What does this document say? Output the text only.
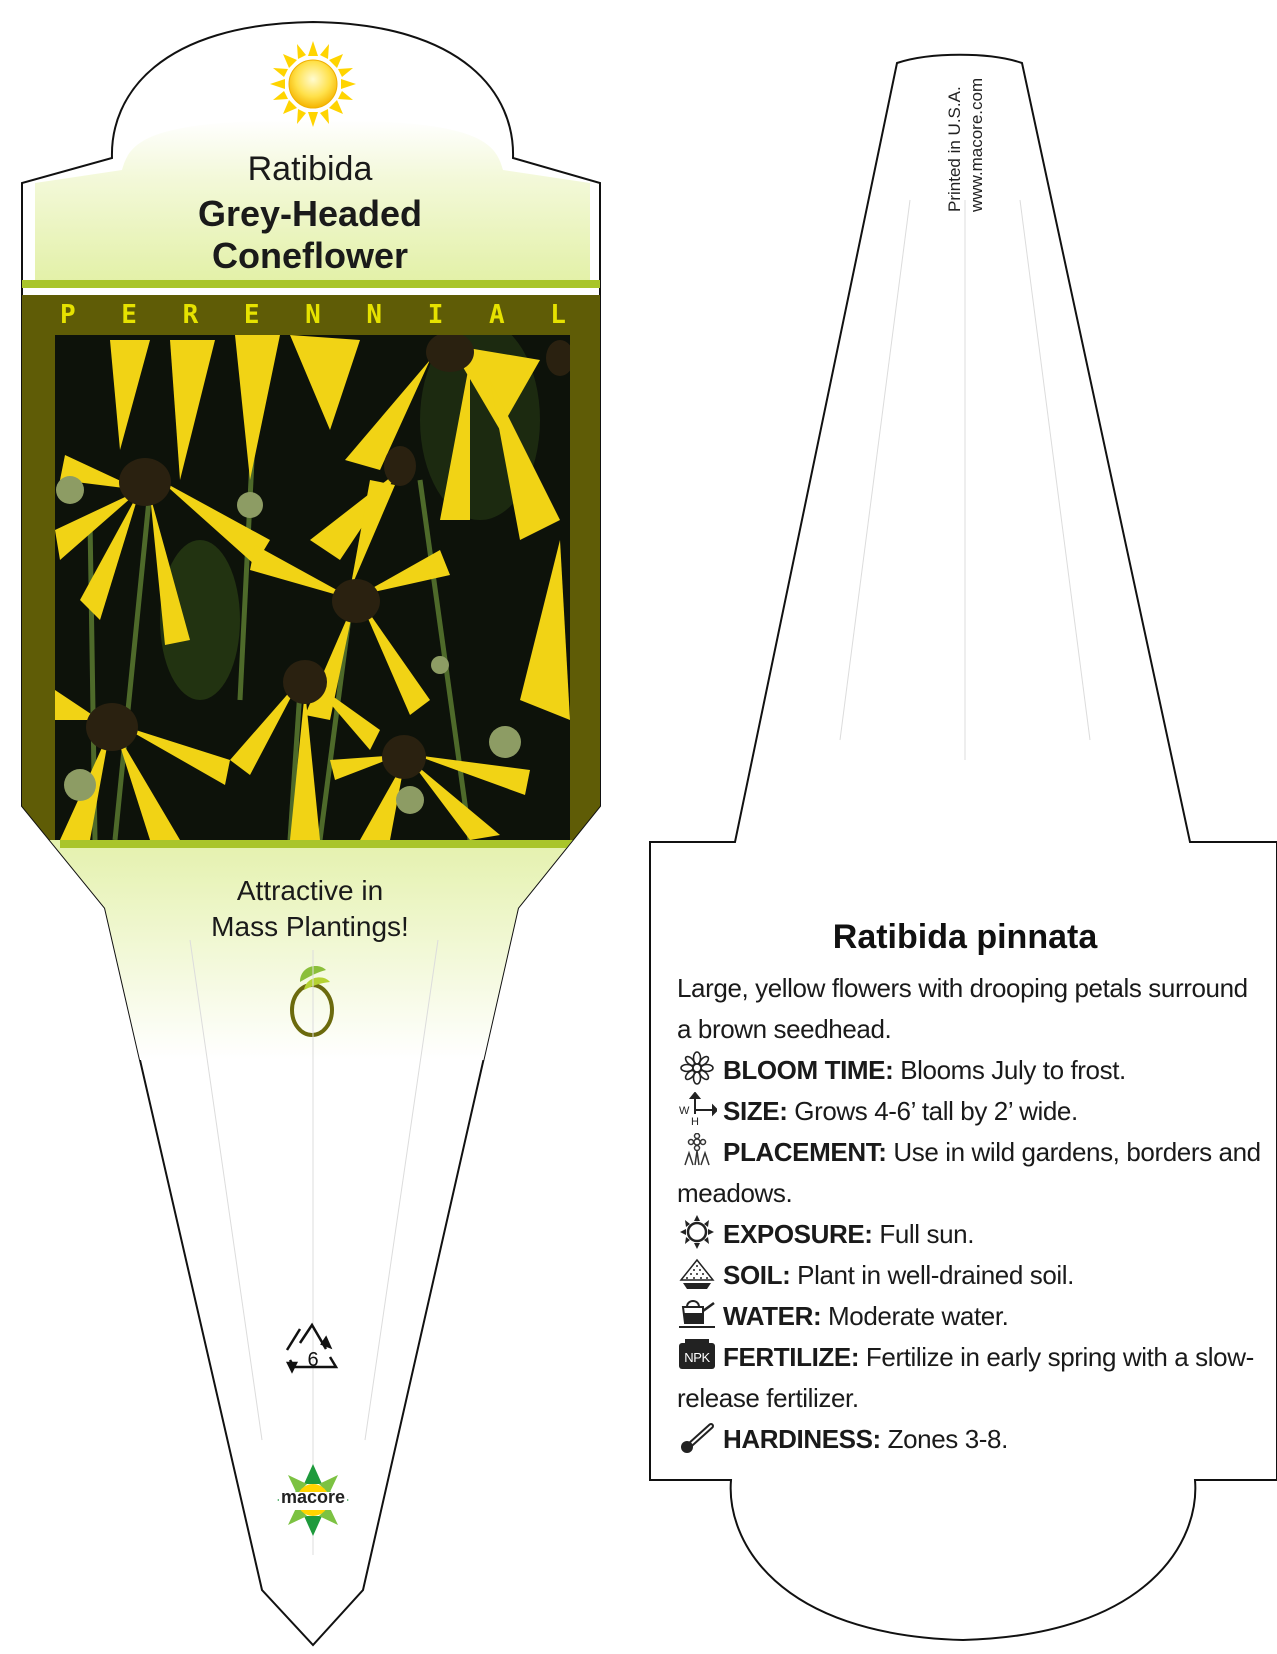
Ratibida
Grey-Headed
Coneflower
P E R E N N I A L
Attractive in
Mass Plantings!
6
macore
Printed in U.S.A. www.macore.com
Ratibida pinnata

Large, yellow flowers with drooping petals surround a brown seedhead.

BLOOM TIME: Blooms July to frost.
W
H SIZE: Grows 4-6’ tall by 2’ wide.
PLACEMENT: Use in wild gardens, borders and meadows.
EXPOSURE: Full sun.
SOIL: Plant in well-drained soil.
WATER: Moderate water.
NPK FERTILIZE: Fertilize in early spring with a slow-release fertilizer.
HARDINESS: Zones 3-8.
